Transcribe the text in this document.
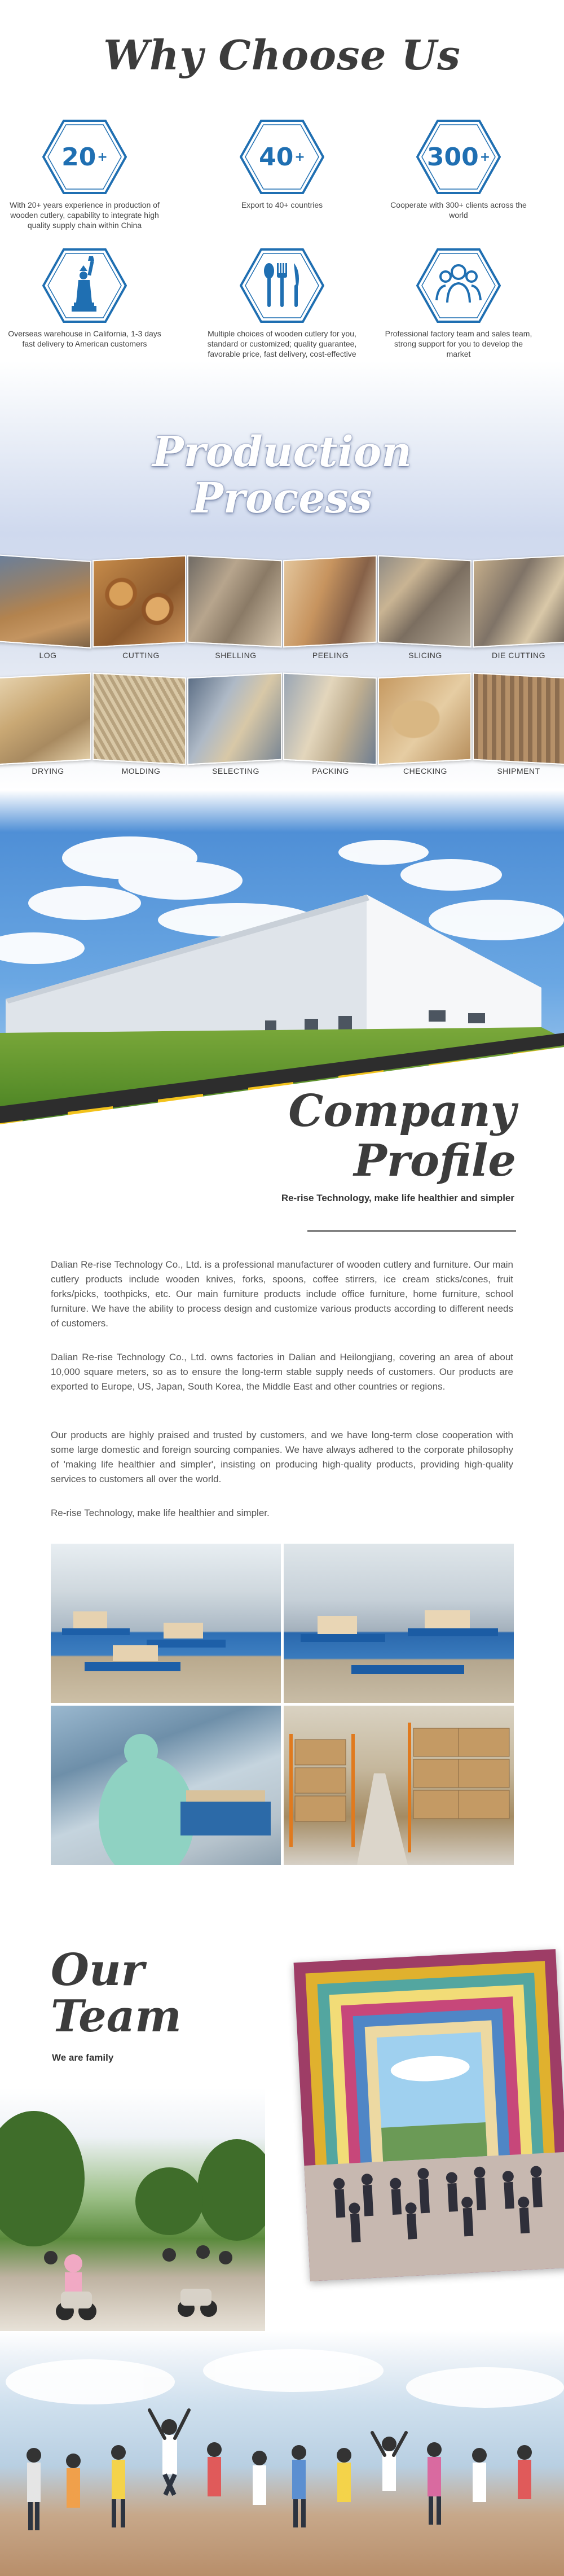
Why Choose Us
20 +
With 20+ years experience in production of wooden cutlery, capability to integrate high quality supply chain within China
40 +
Export to 40+ countries
300 +
Cooperate with 300+ clients across the world
Overseas warehouse in California, 1-3 days fast delivery to American customers
Multiple choices of wooden cutlery for you, standard or customized; quality guarantee, favorable price, fast delivery, cost-effective
Professional factory team and sales team, strong support for you to develop the market
Production
Process
LOG	CUTTING	SHELLING	PEELING	SLICING	DIE CUTTING
DRYING	MOLDING	SELECTING	PACKING	CHECKING	SHIPMENT
Company
Profile
Re-rise Technology, make life healthier and simpler
Dalian Re-rise Technology Co., Ltd. is a professional manufacturer of wooden cutlery and furniture. Our main cutlery products include wooden knives, forks, spoons, coffee stirrers, ice cream sticks/cones, fruit forks/picks, toothpicks, etc. Our main furniture products include office furniture, home furniture, school furniture. We have the ability to process design and customize various products according to different needs of customers.
Dalian Re-rise Technology Co., Ltd. owns factories in Dalian and Heilongjiang, covering an area of about 10,000 square meters, so as to ensure the long-term stable supply needs of customers. Our products are exported to Europe, US, Japan, South Korea, the Middle East and other countries or regions.
Our products are highly praised and trusted by customers, and we have long-term close cooperation with some large domestic and foreign sourcing companies. We have always adhered to the corporate philosophy of 'making life healthier and simpler', insisting on producing high-quality products, providing high-quality services to customers all over the world.
Re-rise Technology, make life healthier and simpler.
Our
Team
We are family
